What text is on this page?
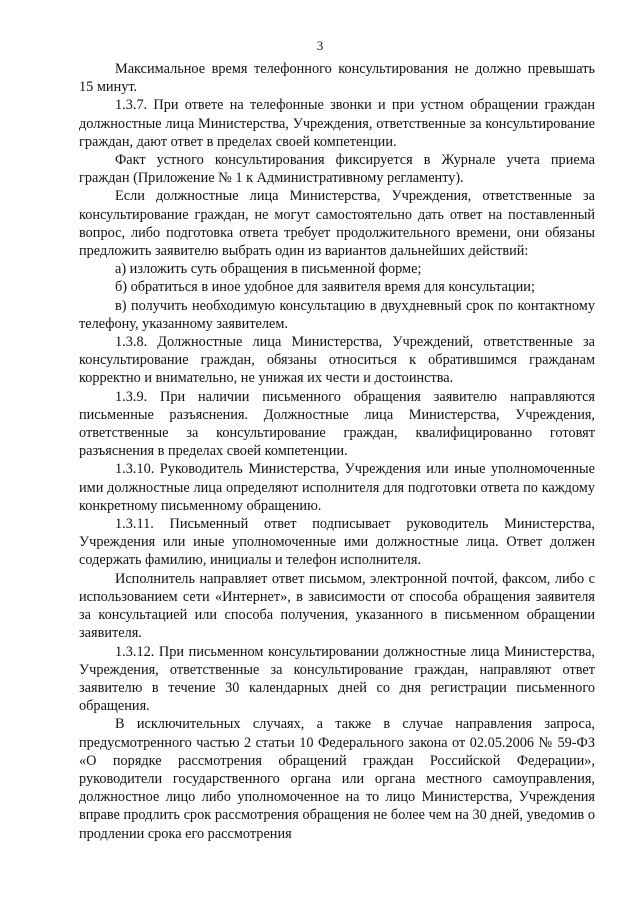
3

Максимальное время телефонного консультирования не должно превышать 15 минут.

1.3.7. При ответе на телефонные звонки и при устном обращении граждан должностные лица Министерства, Учреждения, ответственные за консультирование граждан, дают ответ в пределах своей компетенции.

Факт устного консультирования фиксируется в Журнале учета приема граждан (Приложение № 1 к Административному регламенту).

Если должностные лица Министерства, Учреждения, ответственные за консультирование граждан, не могут самостоятельно дать ответ на поставленный вопрос, либо подготовка ответа требует продолжительного времени, они обязаны предложить заявителю выбрать один из вариантов дальнейших действий:

а) изложить суть обращения в письменной форме;

б) обратиться в иное удобное для заявителя время для консультации;

в) получить необходимую консультацию в двухдневный срок по контактному телефону, указанному заявителем.

1.3.8. Должностные лица Министерства, Учреждений, ответственные за консультирование граждан, обязаны относиться к обратившимся гражданам корректно и внимательно, не унижая их чести и достоинства.

1.3.9. При наличии письменного обращения заявителю направляются письменные разъяснения. Должностные лица Министерства, Учреждения, ответственные за консультирование граждан, квалифицированно готовят разъяснения в пределах своей компетенции.

1.3.10. Руководитель Министерства, Учреждения или иные уполномоченные ими должностные лица определяют исполнителя для подготовки ответа по каждому конкретному письменному обращению.

1.3.11. Письменный ответ подписывает руководитель Министерства, Учреждения или иные уполномоченные ими должностные лица. Ответ должен содержать фамилию, инициалы и телефон исполнителя.

Исполнитель направляет ответ письмом, электронной почтой, факсом, либо с использованием сети «Интернет», в зависимости от способа обращения заявителя за консультацией или способа получения, указанного в письменном обращении заявителя.

1.3.12. При письменном консультировании должностные лица Министерства, Учреждения, ответственные за консультирование граждан, направляют ответ заявителю в течение 30 календарных дней со дня регистрации письменного обращения.

В исключительных случаях, а также в случае направления запроса, предусмотренного частью 2 статьи 10 Федерального закона от 02.05.2006 № 59-ФЗ «О порядке рассмотрения обращений граждан Российской Федерации», руководители государственного органа или органа местного самоуправления, должностное лицо либо уполномоченное на то лицо Министерства, Учреждения вправе продлить срок рассмотрения обращения не более чем на 30 дней, уведомив о продлении срока его рассмотрения
